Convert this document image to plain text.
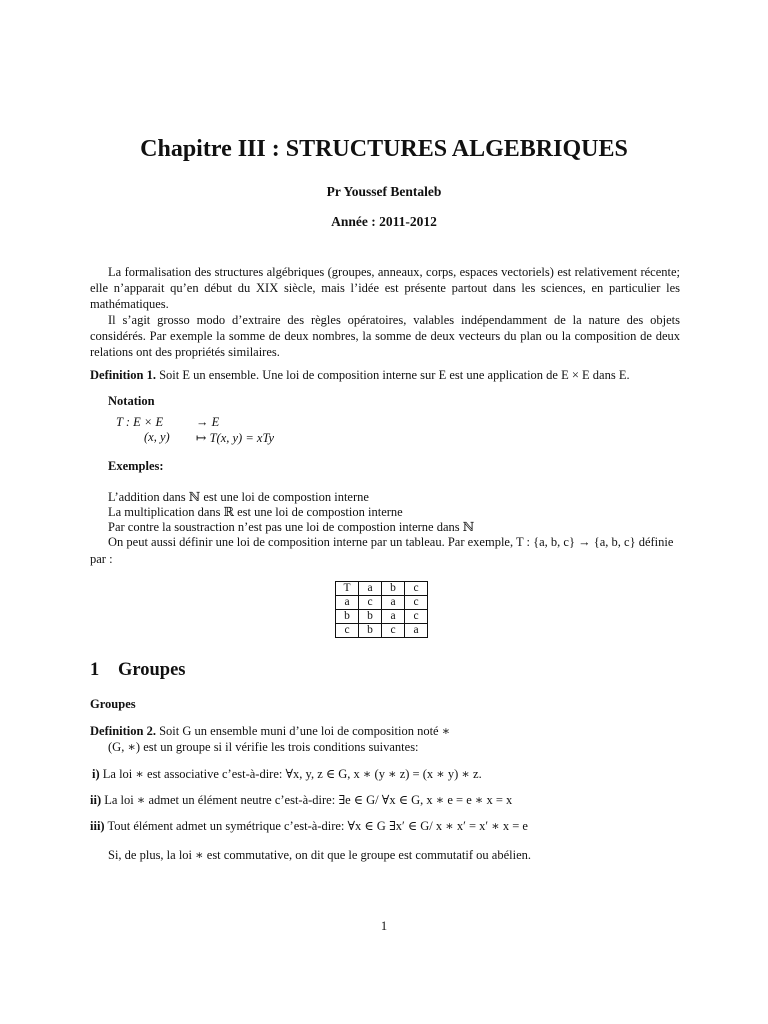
Chapitre III : STRUCTURES ALGEBRIQUES
Pr Youssef Bentaleb
Année : 2011-2012
La formalisation des structures algébriques (groupes, anneaux, corps, espaces vectoriels) est relativement récente; elle n’apparait qu’en début du XIX siècle, mais l’idée est présente partout dans les sciences, en particulier les mathématiques.
Il s’agit grosso modo d’extraire des règles opératoires, valables indépendamment de la nature des objets considérés. Par exemple la somme de deux nombres, la somme de deux vecteurs du plan ou la composition de deux relations ont des propriétés similaires.
Definition 1. Soit E un ensemble. Une loi de composition interne sur E est une application de E × E dans E.
Notation
T : E × E	→ E
(x, y) ↦ T(x, y) = xTy
Exemples:
L’addition dans ℕ est une loi de compostion interne
La multiplication dans ℝ est une loi de compostion interne
Par contre la soustraction n’est pas une loi de compostion interne dans ℕ
On peut aussi définir une loi de composition interne par un tableau. Par exemple, T : {a, b, c} → {a, b, c} définie
par :
T	a	b	c
a	c	a	c
b	b	a	c
c	b	c	a
1 Groupes
Groupes
Definition 2. Soit G un ensemble muni d’une loi de composition noté ∗
(G, ∗) est un groupe si il vérifie les trois conditions suivantes:
i) La loi ∗ est associative c’est-à-dire: ∀x, y, z ∈ G, x ∗ (y ∗ z) = (x ∗ y) ∗ z.
ii) La loi ∗ admet un élément neutre c’est-à-dire: ∃e ∈ G/ ∀x ∈ G, x ∗ e = e ∗ x = x
iii) Tout élément admet un symétrique c’est-à-dire: ∀x ∈ G ∃x′ ∈ G/ x ∗ x′ = x′ ∗ x = e
Si, de plus, la loi ∗ est commutative, on dit que le groupe est commutatif ou abélien.
1
